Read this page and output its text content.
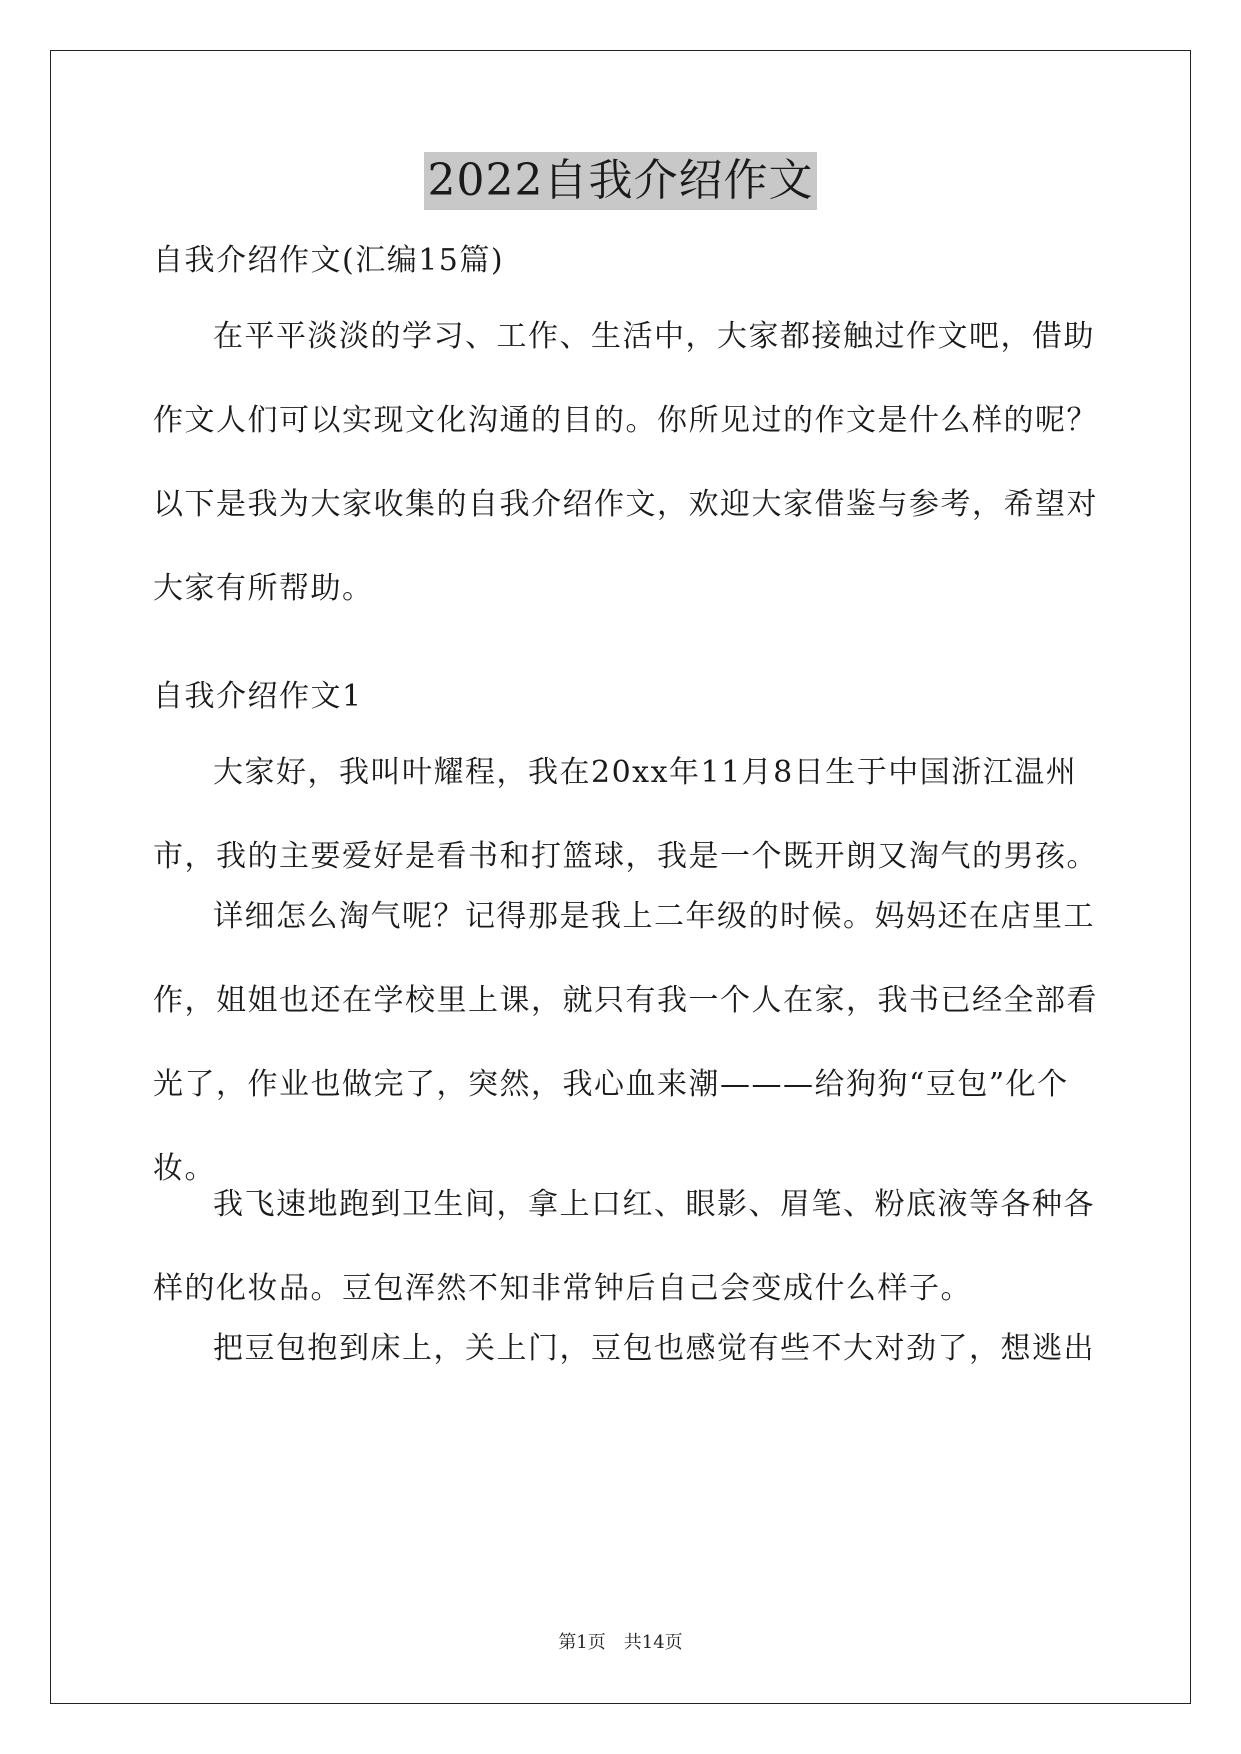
2022自我介绍作文
自我介绍作文(汇编15篇)
在平平淡淡的学习、工作、生活中，大家都接触过作文吧，借助
作文人们可以实现文化沟通的目的。你所见过的作文是什么样的呢？
以下是我为大家收集的自我介绍作文，欢迎大家借鉴与参考，希望对
大家有所帮助。
自我介绍作文1
大家好，我叫叶耀程，我在20xx年11月8日生于中国浙江温州
市，我的主要爱好是看书和打篮球，我是一个既开朗又淘气的男孩。
详细怎么淘气呢？记得那是我上二年级的时候。妈妈还在店里工
作，姐姐也还在学校里上课，就只有我一个人在家，我书已经全部看
光了，作业也做完了，突然，我心血来潮———给狗狗“豆包”化个
妆。
我飞速地跑到卫生间，拿上口红、眼影、眉笔、粉底液等各种各
样的化妆品。豆包浑然不知非常钟后自己会变成什么样子。
把豆包抱到床上，关上门，豆包也感觉有些不大对劲了，想逃出
第1页　共14页
